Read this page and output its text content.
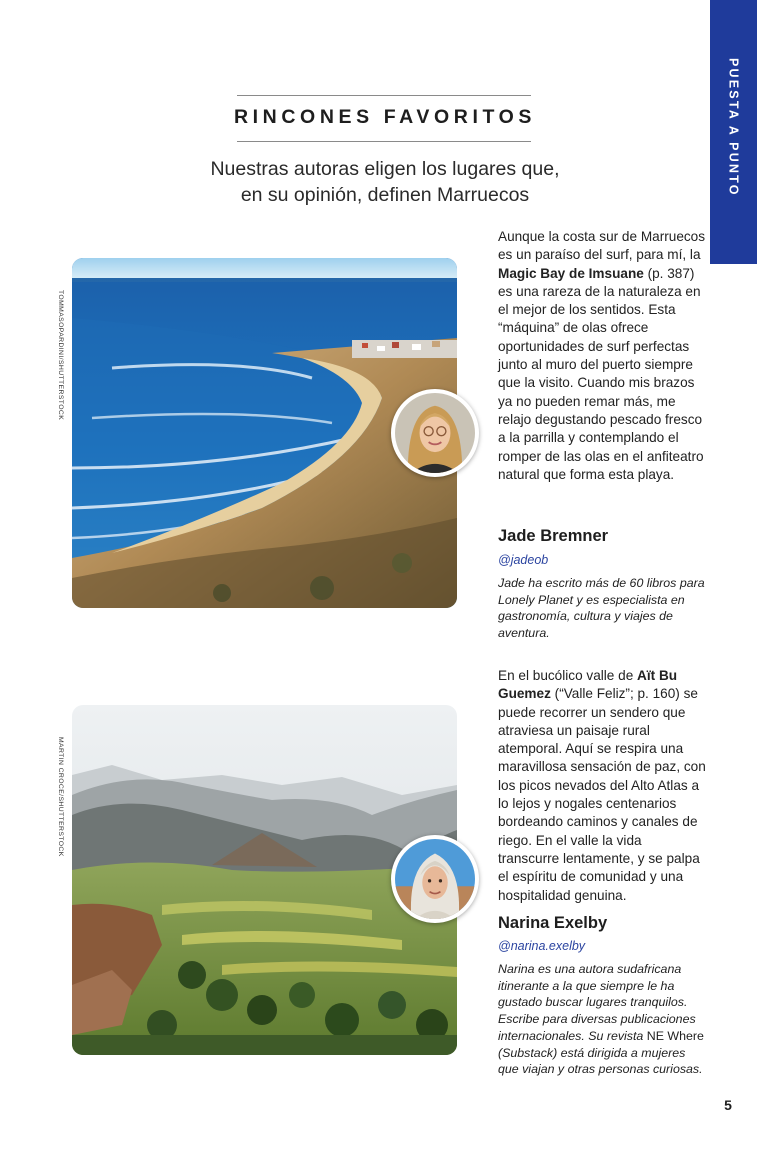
PUESTA A PUNTO
RINCONES FAVORITOS
Nuestras autoras eligen los lugares que,
en su opinión, definen Marruecos
TOMMASOPARDINI/SHUTTERSTOCK
Aunque la costa sur de Marruecos es un paraíso del surf, para mí, la Magic Bay de Imsuane (p. 387) es una rareza de la naturaleza en el mejor de los sentidos. Esta “máquina” de olas ofrece oportunidades de surf perfectas junto al muro del puerto siempre que la visito. Cuando mis brazos ya no pueden remar más, me relajo degustando pescado fresco a la parrilla y contemplando el romper de las olas en el anfiteatro natural que forma esta playa.
Jade Bremner
@jadeob
Jade ha escrito más de 60 libros para Lonely Planet y es especialista en gastronomía, cultura y viajes de aventura.
MARTIN CROCE/SHUTTERSTOCK
En el bucólico valle de Aït Bu Guemez (“Valle Feliz”; p. 160) se puede recorrer un sendero que atraviesa un paisaje rural atemporal. Aquí se respira una maravillosa sensación de paz, con los picos nevados del Alto Atlas a lo lejos y nogales centenarios bordeando caminos y canales de riego. En el valle la vida transcurre lentamente, y se palpa el espíritu de comunidad y una hospitalidad genuina.
Narina Exelby
@narina.exelby
Narina es una autora sudafricana itinerante a la que siempre le ha gustado buscar lugares tranquilos. Escribe para diversas publicaciones internacionales. Su revista NE Where (Substack) está dirigida a mujeres que viajan y otras personas curiosas.
5
